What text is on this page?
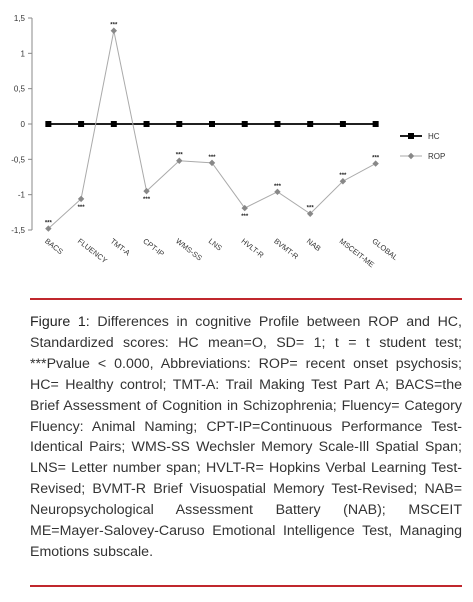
1,5
1
0,5
0
-0,5
-1
-1,5
BACS FLUENCY TMT-A CPT-IP WMS-SS LNS HVLT-R BVMT-R NAB MSCEIT-ME
GLOBAL
***
***
***
***
***	***
***
***
***
***
***
HC
ROP
Figure 1: Differences in cognitive Profile between ROP and HC, Standardized scores: HC mean=O, SD= 1; t = t student test; ***Pvalue < 0.000, Abbreviations: ROP= recent onset psychosis; HC= Healthy control; TMT-A: Trail Making Test Part A; BACS=the Brief Assessment of Cognition in Schizophrenia; Fluency= Category Fluency: Animal Naming; CPT-IP=Continuous Performance Test-Identical Pairs; WMS-SS Wechsler Memory Scale-Ill Spatial Span; LNS= Letter number span; HVLT-R= Hopkins Verbal Learning Test- Revised; BVMT-R Brief Visuospatial Memory Test-Revised; NAB= Neuropsychological Assessment Battery (NAB); MSCEIT ME=Mayer-Salovey-Caruso Emotional Intelligence Test, Managing Emotions subscale.
